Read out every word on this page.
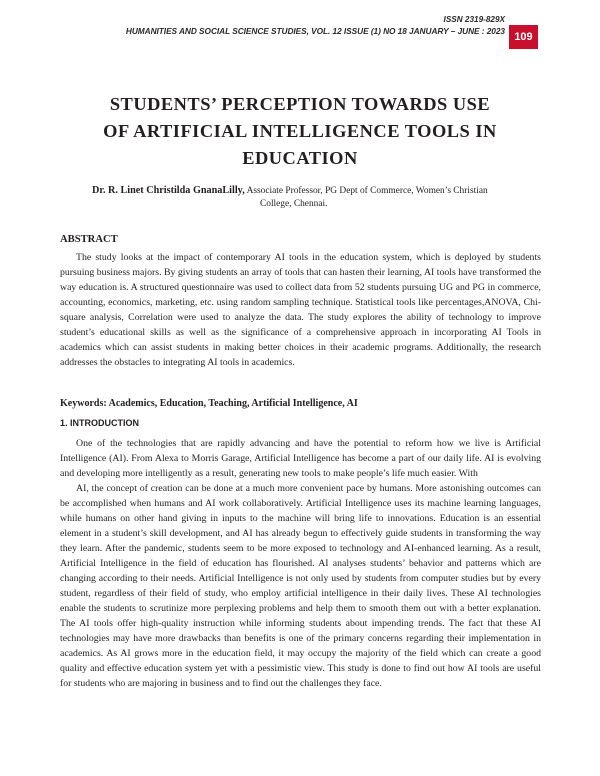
ISSN 2319-829X
HUMANITIES AND SOCIAL SCIENCE STUDIES, VOL. 12 ISSUE (1) NO 18 JANUARY – JUNE : 2023 109
STUDENTS’ PERCEPTION TOWARDS USE
OF ARTIFICIAL INTELLIGENCE TOOLS IN
EDUCATION
Dr. R. Linet Christilda GnanaLilly, Associate Professor, PG Dept of Commerce, Women’s Christian
College, Chennai.
ABSTRACT

The study looks at the impact of contemporary AI tools in the education system, which is deployed by students pursuing business majors. By giving students an array of tools that can hasten their learning, AI tools have transformed the way education is. A structured questionnaire was used to collect data from 52 students pursuing UG and PG in commerce, accounting, economics, marketing, etc. using random sampling technique. Statistical tools like percentages,ANOVA, Chi-square analysis, Correlation were used to analyze the data. The study explores the ability of technology to improve student’s educational skills as well as the significance of a comprehensive approach in incorporating AI Tools in academics which can assist students in making better choices in their academic programs. Additionally, the research addresses the obstacles to integrating AI tools in academics.

Keywords: Academics, Education, Teaching, Artificial Intelligence, AI
1. INTRODUCTION

One of the technologies that are rapidly advancing and have the potential to reform how we live is Artificial Intelligence (AI). From Alexa to Morris Garage, Artificial Intelligence has become a part of our daily life. AI is evolving and developing more intelligently as a result, generating new tools to make people’s life much easier. With

AI, the concept of creation can be done at a much more convenient pace by humans. More astonishing outcomes can be accomplished when humans and AI work collaboratively. Artificial Intelligence uses its machine learning languages, while humans on other hand giving in inputs to the machine will bring life to innovations. Education is an essential element in a student’s skill development, and AI has already begun to effectively guide students in transforming the way they learn. After the pandemic, students seem to be more exposed to technology and AI-enhanced learning. As a result, Artificial Intelligence in the field of education has flourished. AI analyses students’ behavior and patterns which are changing according to their needs. Artificial Intelligence is not only used by students from computer studies but by every student, regardless of their field of study, who employ artificial intelligence in their daily lives. These AI technologies enable the students to scrutinize more perplexing problems and help them to smooth them out with a better explanation. The AI tools offer high-quality instruction while informing students about impending trends. The fact that these AI technologies may have more drawbacks than benefits is one of the primary concerns regarding their implementation in academics. As AI grows more in the education field, it may occupy the majority of the field which can create a good quality and effective education system yet with a pessimistic view. This study is done to find out how AI tools are useful for students who are majoring in business and to find out the challenges they face.
